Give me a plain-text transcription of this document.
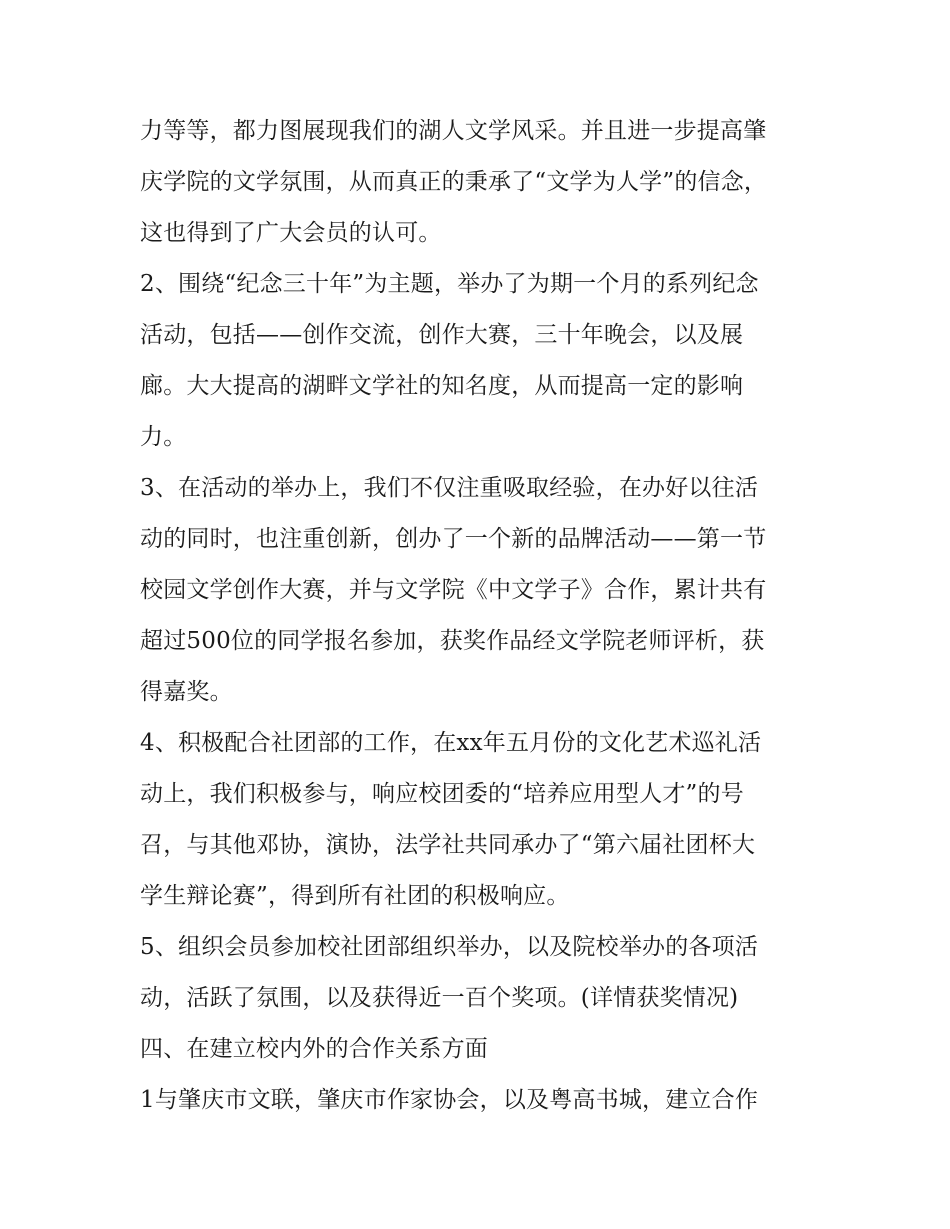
力等等，都力图展现我们的湖人文学风采。并且进一步提高肇
庆学院的文学氛围，从而真正的秉承了“文学为人学”的信念，
这也得到了广大会员的认可。
2、围绕“纪念三十年”为主题，举办了为期一个月的系列纪念
活动，包括——创作交流，创作大赛，三十年晚会，以及展
廊。大大提高的湖畔文学社的知名度，从而提高一定的影响
力。
3、在活动的举办上，我们不仅注重吸取经验，在办好以往活
动的同时，也注重创新，创办了一个新的品牌活动——第一节
校园文学创作大赛，并与文学院《中文学子》合作，累计共有
超过500位的同学报名参加，获奖作品经文学院老师评析，获
得嘉奖。
4、积极配合社团部的工作，在xx年五月份的文化艺术巡礼活
动上，我们积极参与，响应校团委的“培养应用型人才”的号
召，与其他邓协，演协，法学社共同承办了“第六届社团杯大
学生辩论赛”，得到所有社团的积极响应。
5、组织会员参加校社团部组织举办，以及院校举办的各项活
动，活跃了氛围，以及获得近一百个奖项。(详情获奖情况)
四、在建立校内外的合作关系方面
1与肇庆市文联，肇庆市作家协会，以及粤高书城，建立合作
